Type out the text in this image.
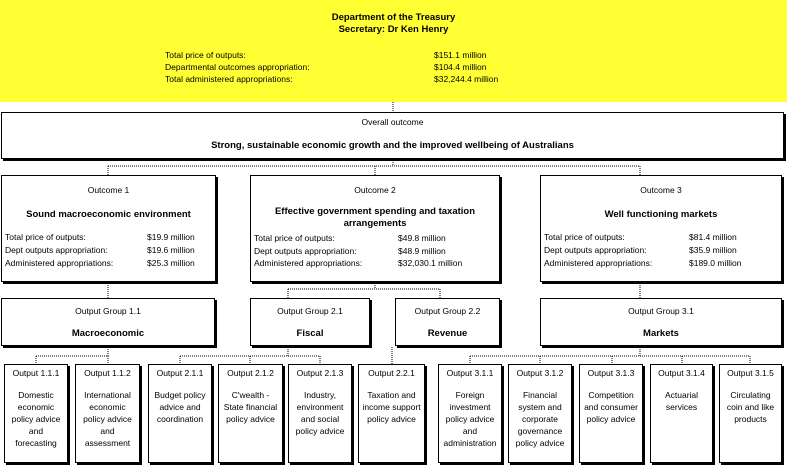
Department of the Treasury
Secretary: Dr Ken Henry
Total price of outputs:	$151.1 million
Departmental outcomes appropriation:	$104.4 million
Total administered appropriations:	$32,244.4 million
Overall outcome
Strong, sustainable economic growth and the improved wellbeing of Australians
Outcome 1
Sound macroeconomic environment
Total price of outputs:	$19.9 million
Dept outputs appropriation:	$19.6 million
Administered appropriations:	$25.3 million
Outcome 2
Effective government spending and taxation arrangements
Total price of outputs:	$49.8 million
Dept outputs appropriation:	$48.9 million
Administered appropriations:	$32,030.1 million
Outcome 3
Well functioning markets
Total price of outputs:	$81.4 million
Dept outputs appropriation:	$35.9 million
Administered appropriations:	$189.0 million
Output Group 1.1
Macroeconomic
Output Group 2.1
Fiscal
Output Group 2.2
Revenue
Output Group 3.1
Markets
Output 1.1.1
Domestic economic policy advice and forecasting
Output 1.1.2
International economic policy advice and assessment
Output 2.1.1
Budget policy advice and coordination
Output 2.1.2
C'wealth - State financial policy advice
Output 2.1.3
Industry, environment and social policy advice
Output 2.2.1
Taxation and income support policy advice
Output 3.1.1
Foreign investment policy advice and administration
Output 3.1.2
Financial system and corporate governance policy advice
Output 3.1.3
Competition and consumer policy advice
Output 3.1.4
Actuarial services
Output 3.1.5
Circulating coin and like products
